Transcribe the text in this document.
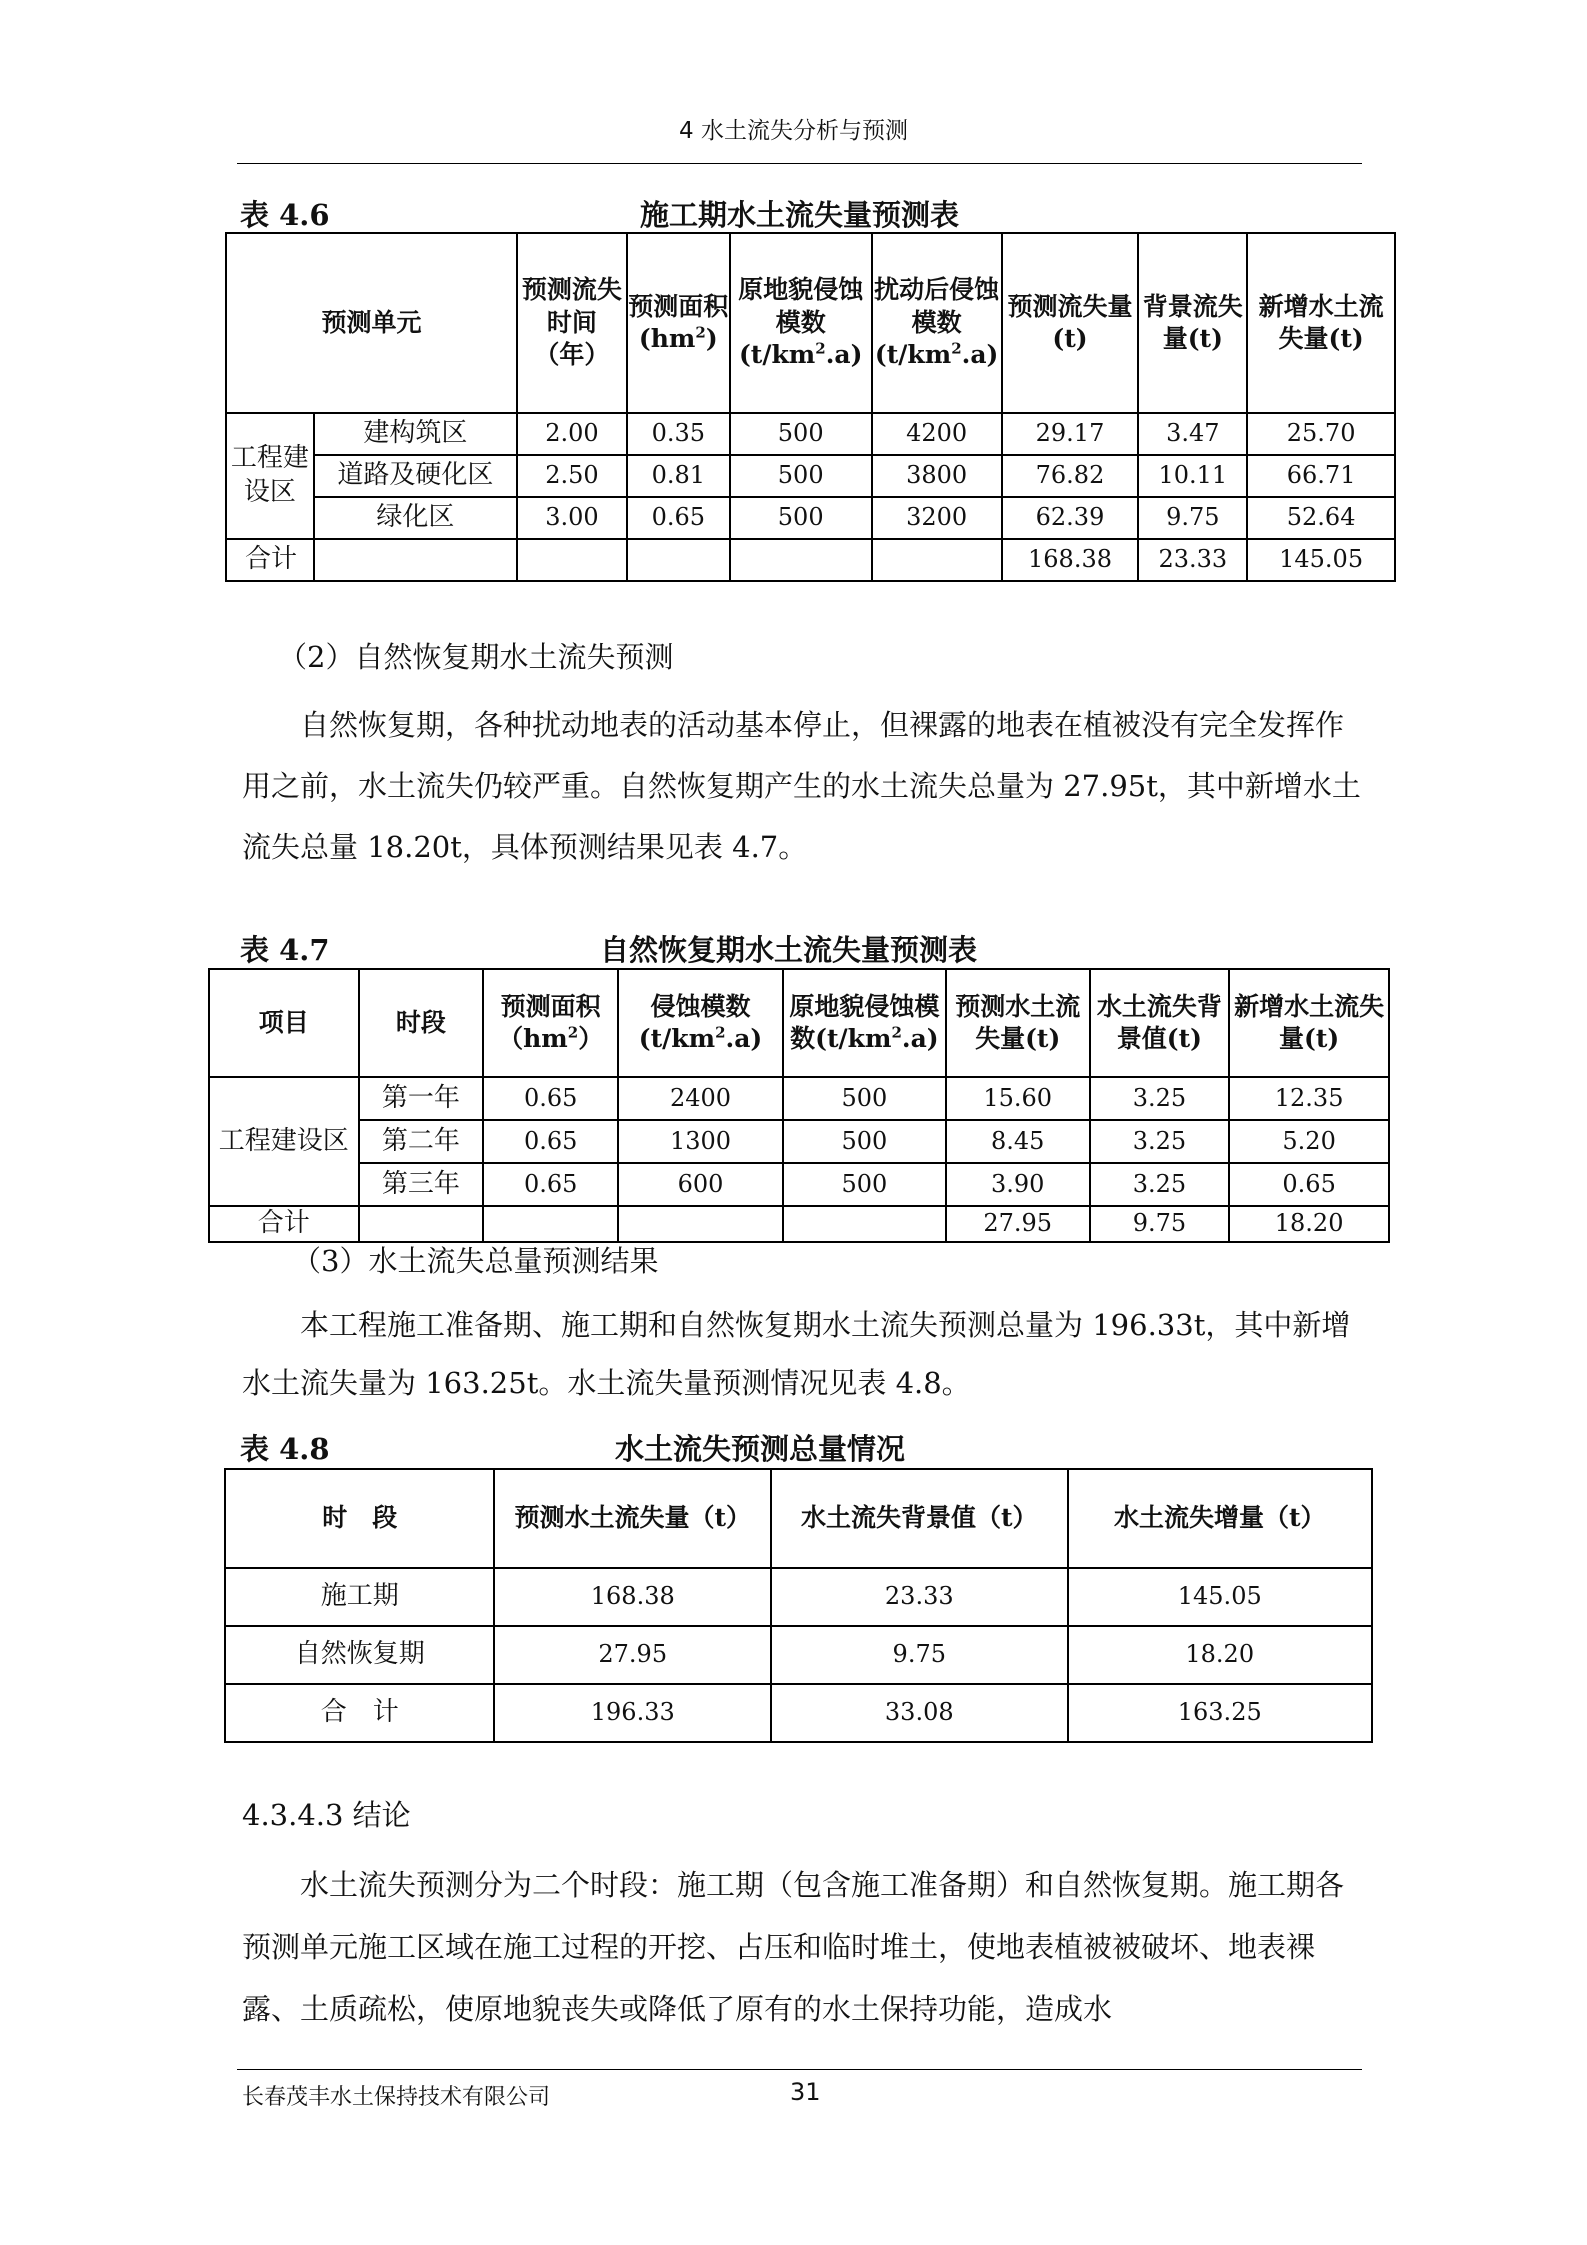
4 水土流失分析与预测
表 4.6	施工期水土流失量预测表
预测单元		预测流失时间（年）	预测面积$(hm^2)$	原地貌侵蚀模数$(t/km^2.a)$	扰动后侵蚀模数$(t/km^2.a)$	预测流失量(t)	背景流失量(t)	新增水土流失量(t)
工程建设区	建构筑区	2.00	0.35	500	4200	29.17	3.47	25.70
	道路及硬化区	2.50	0.81	500	3800	76.82	10.11	66.71
	绿化区	3.00	0.65	500	3200	62.39	9.75	52.64
合计						168.38	23.33	145.05
（2）自然恢复期水土流失预测
自然恢复期，各种扰动地表的活动基本停止，但裸露的地表在植被没有完全发挥作用之前，水土流失仍较严重。自然恢复期产生的水土流失总量为 27.95t，其中新增水土流失总量 18.20t，具体预测结果见表 4.7。
表 4.7	自然恢复期水土流失量预测表
项目	时段	预测面积$(hm^2)$	侵蚀模数$(t/km^2.a)$	原地貌侵蚀模数$(t/km^2.a)$	预测水土流失量(t)	水土流失背景值(t)	新增水土流失量(t)
工程建设区	第一年	0.65	2400	500	15.60	3.25	12.35
	第二年	0.65	1300	500	8.45	3.25	5.20
	第三年	0.65	600	500	3.90	3.25	0.65
合计					27.95	9.75	18.20
（3）水土流失总量预测结果
本工程施工准备期、施工期和自然恢复期水土流失预测总量为 196.33t，其中新增水土流失量为 163.25t。水土流失量预测情况见表 4.8。
表 4.8	水土流失预测总量情况
时　段	预测水土流失量（t）	水土流失背景值（t）	水土流失增量（t）
施工期	168.38	23.33	145.05
自然恢复期	27.95	9.75	18.20
合　计	196.33	33.08	163.25
4.3.4.3 结论
水土流失预测分为二个时段：施工期（包含施工准备期）和自然恢复期。施工期各预测单元施工区域在施工过程的开挖、占压和临时堆土，使地表植被被破坏、地表裸露、土质疏松，使原地貌丧失或降低了原有的水土保持功能，造成水
长春茂丰水土保持技术有限公司	31
